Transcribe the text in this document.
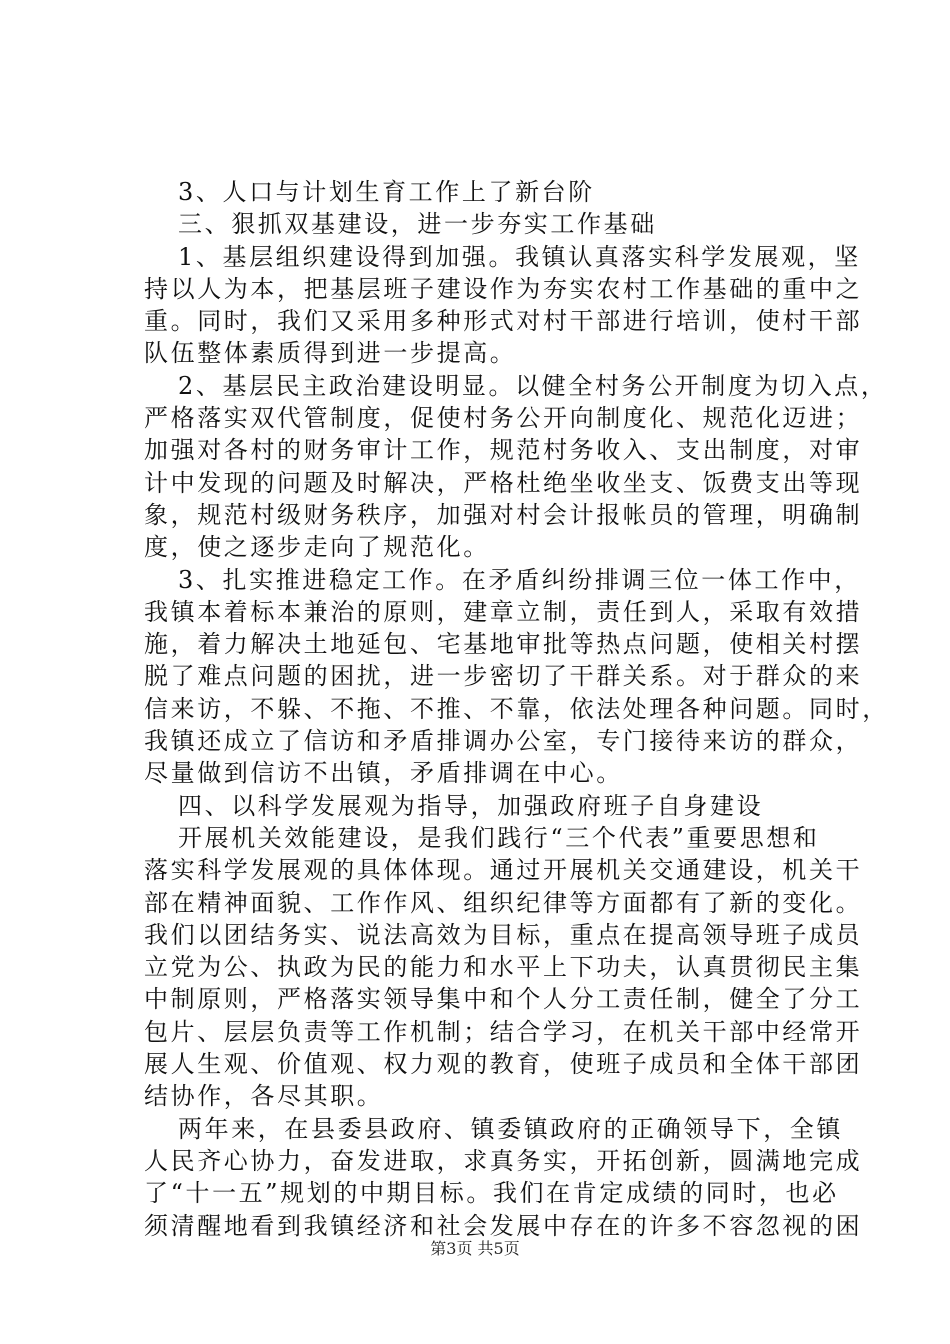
3、人口与计划生育工作上了新台阶
三、狠抓双基建设，进一步夯实工作基础
1、基层组织建设得到加强。我镇认真落实科学发展观，坚
持以人为本，把基层班子建设作为夯实农村工作基础的重中之
重。同时，我们又采用多种形式对村干部进行培训，使村干部
队伍整体素质得到进一步提高。
2、基层民主政治建设明显。以健全村务公开制度为切入点，
严格落实双代管制度，促使村务公开向制度化、规范化迈进；
加强对各村的财务审计工作，规范村务收入、支出制度，对审
计中发现的问题及时解决，严格杜绝坐收坐支、饭费支出等现
象，规范村级财务秩序，加强对村会计报帐员的管理，明确制
度，使之逐步走向了规范化。
3、扎实推进稳定工作。在矛盾纠纷排调三位一体工作中，
我镇本着标本兼治的原则，建章立制，责任到人，采取有效措
施，着力解决土地延包、宅基地审批等热点问题，使相关村摆
脱了难点问题的困扰，进一步密切了干群关系。对于群众的来
信来访，不躲、不拖、不推、不靠，依法处理各种问题。同时，
我镇还成立了信访和矛盾排调办公室，专门接待来访的群众，
尽量做到信访不出镇，矛盾排调在中心。
四、以科学发展观为指导，加强政府班子自身建设
开展机关效能建设，是我们践行“三个代表”重要思想和
落实科学发展观的具体体现。通过开展机关交通建设，机关干
部在精神面貌、工作作风、组织纪律等方面都有了新的变化。
我们以团结务实、说法高效为目标，重点在提高领导班子成员
立党为公、执政为民的能力和水平上下功夫，认真贯彻民主集
中制原则，严格落实领导集中和个人分工责任制，健全了分工
包片、层层负责等工作机制；结合学习，在机关干部中经常开
展人生观、价值观、权力观的教育，使班子成员和全体干部团
结协作，各尽其职。
两年来，在县委县政府、镇委镇政府的正确领导下，全镇
人民齐心协力，奋发进取，求真务实，开拓创新，圆满地完成
了“十一五”规划的中期目标。我们在肯定成绩的同时，也必
须清醒地看到我镇经济和社会发展中存在的许多不容忽视的困
第3页 共5页
